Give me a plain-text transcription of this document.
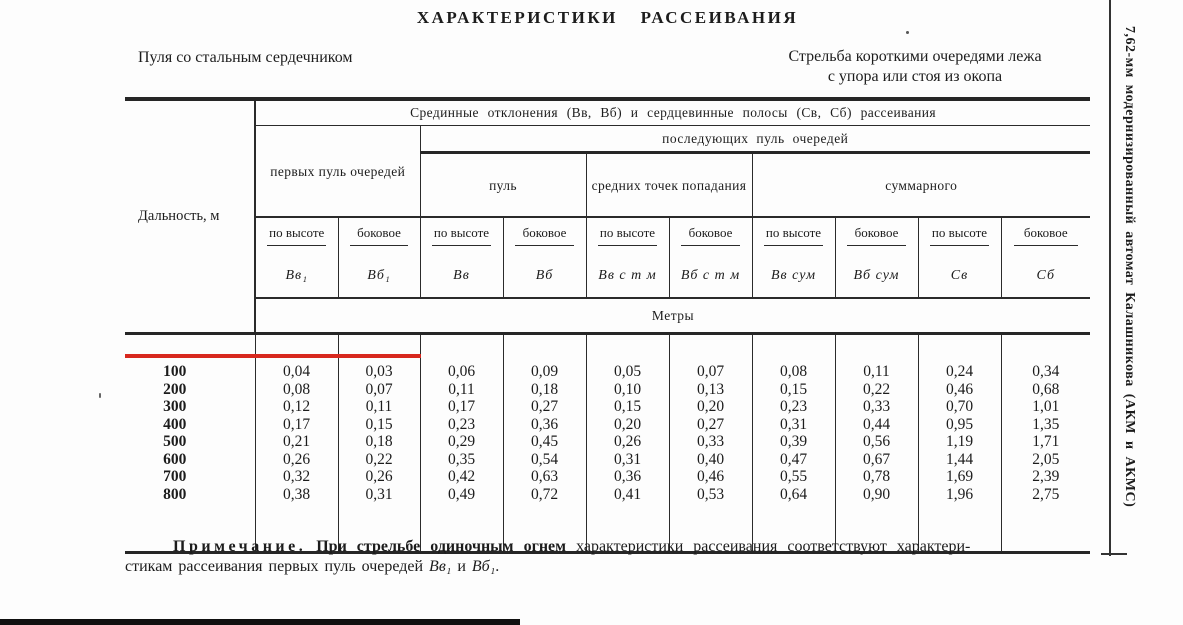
ХАРАКТЕРИСТИКИ РАССЕИВАНИЯ
Пуля со стальным сердечником	Стрельба короткими очередями лежа
с упора или стоя из окопа
Дальность, м	Срединные отклонения (Вв, Вб) и сердцевинные полосы (Св, Сб) рассеивания									
	первых пуль очередей		последующих пуль очередей							
			пуль		средних точек попадания		суммарного			

	по высоте	боковое	по высоте	боковое	по высоте	боковое	по высоте	боковое	по высоте	боковое

	Вв₁	Вб₁	Вв	Вб	Вв с т м	Вб с т м	Вв сум	Вб сум	Св	Сб
	Метры									
100	0,04	0,03	0,06	0,09	0,05	0,07	0,08	0,11	0,24	0,34
200	0,08	0,07	0,11	0,18	0,10	0,13	0,15	0,22	0,46	0,68
300	0,12	0,11	0,17	0,27	0,15	0,20	0,23	0,33	0,70	1,01
400	0,17	0,15	0,23	0,36	0,20	0,27	0,31	0,44	0,95	1,35
500	0,21	0,18	0,29	0,45	0,26	0,33	0,39	0,56	1,19	1,71
600	0,26	0,22	0,35	0,54	0,31	0,40	0,47	0,67	1,44	2,05
700	0,32	0,26	0,42	0,63	0,36	0,46	0,55	0,78	1,69	2,39
800	0,38	0,31	0,49	0,72	0,41	0,53	0,64	0,90	1,96	2,75

Примечание. При стрельбе одиночным огнем характеристики рассеивания соответствуют характери-
стикам рассеивания первых пуль очередей Вв₁ и Вб₁.
7,62-мм модернизированный автомат Калашникова (АКМ и АКМС)
